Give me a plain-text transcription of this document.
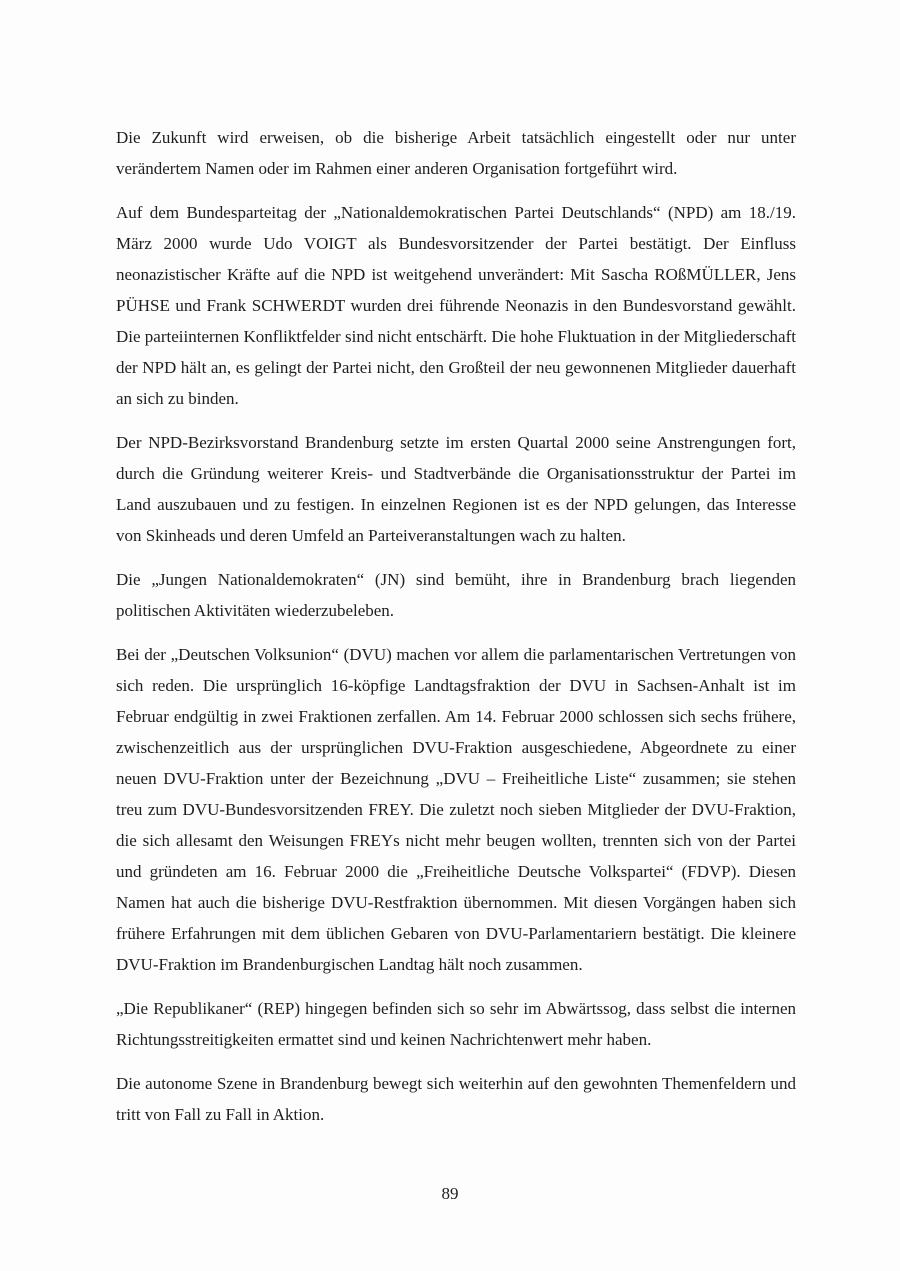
Die Zukunft wird erweisen, ob die bisherige Arbeit tatsächlich eingestellt oder nur unter verändertem Namen oder im Rahmen einer anderen Organisation fortgeführt wird.

Auf dem Bundesparteitag der „Nationaldemokratischen Partei Deutschlands“ (NPD) am 18./19. März 2000 wurde Udo VOIGT als Bundesvorsitzender der Partei bestätigt. Der Einfluss neonazistischer Kräfte auf die NPD ist weitgehend unverändert: Mit Sascha ROßMÜLLER, Jens PÜHSE und Frank SCHWERDT wurden drei führende Neonazis in den Bundesvorstand gewählt. Die parteiinternen Konfliktfelder sind nicht entschärft. Die hohe Fluktuation in der Mitgliederschaft der NPD hält an, es gelingt der Partei nicht, den Großteil der neu gewonnenen Mitglieder dauerhaft an sich zu binden.

Der NPD-Bezirksvorstand Brandenburg setzte im ersten Quartal 2000 seine Anstrengungen fort, durch die Gründung weiterer Kreis- und Stadtverbände die Organisationsstruktur der Partei im Land auszubauen und zu festigen. In einzelnen Regionen ist es der NPD gelungen, das Interesse von Skinheads und deren Umfeld an Parteiveranstaltungen wach zu halten.

Die „Jungen Nationaldemokraten“ (JN) sind bemüht, ihre in Brandenburg brach liegenden politischen Aktivitäten wiederzubeleben.

Bei der „Deutschen Volksunion“ (DVU) machen vor allem die parlamentarischen Vertretungen von sich reden. Die ursprünglich 16-köpfige Landtagsfraktion der DVU in Sachsen-Anhalt ist im Februar endgültig in zwei Fraktionen zerfallen. Am 14. Februar 2000 schlossen sich sechs frühere, zwischenzeitlich aus der ursprünglichen DVU-Fraktion ausgeschiedene, Abgeordnete zu einer neuen DVU-Fraktion unter der Bezeichnung „DVU – Freiheitliche Liste“ zusammen; sie stehen treu zum DVU-Bundesvorsitzenden FREY. Die zuletzt noch sieben Mitglieder der DVU-Fraktion, die sich allesamt den Weisungen FREYs nicht mehr beugen wollten, trennten sich von der Partei und gründeten am 16. Februar 2000 die „Freiheitliche Deutsche Volkspartei“ (FDVP). Diesen Namen hat auch die bisherige DVU-Restfraktion übernommen. Mit diesen Vorgängen haben sich frühere Erfahrungen mit dem üblichen Gebaren von DVU-Parlamentariern bestätigt. Die kleinere DVU-Fraktion im Brandenburgischen Landtag hält noch zusammen.

„Die Republikaner“ (REP) hingegen befinden sich so sehr im Abwärtssog, dass selbst die internen Richtungsstreitigkeiten ermattet sind und keinen Nachrichtenwert mehr haben.

Die autonome Szene in Brandenburg bewegt sich weiterhin auf den gewohnten Themenfeldern und tritt von Fall zu Fall in Aktion.

89
